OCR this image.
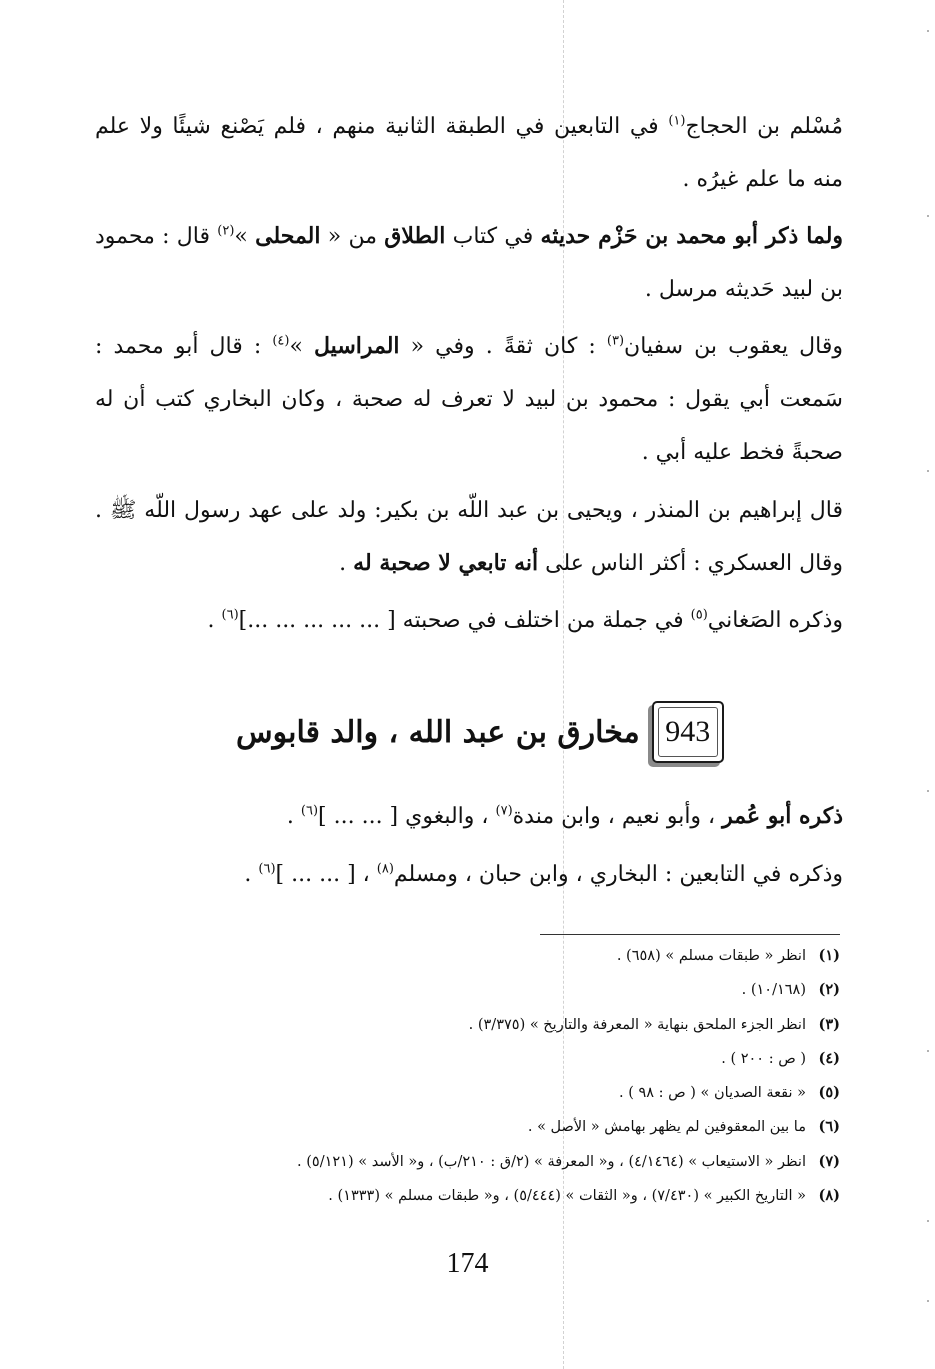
مُسْلم بن الحجاج$^{(١)}$ في التابعين في الطبقة الثانية منهم ، فلم يَصْنع شيئًا ولا علم منه ما علم غيرُه .

ولما ذكر أبو محمد بن حَزْم حديثه في كتاب الطلاق من « المحلى »$^{(٢)}$ قال : محمود بن لبيد حَديثه مرسل .

وقال يعقوب بن سفيان$^{(٣)}$ : كان ثقةً . وفي « المراسيل »$^{(٤)}$ : قال أبو محمد : سَمعت أبي يقول : محمود بن لبيد لا تعرف له صحبة ، وكان البخاري كتب أن له صحبةً فخط عليه أبي .

قال إبراهيم بن المنذر ، ويحيى بن عبد اللّه بن بكير: ولد على عهد رسول اللّه ﷺ . وقال العسكري : أكثر الناس على أنه تابعي لا صحبة له .

وذكره الصَغاني$^{(٥)}$ في جملة من اختلف في صحبته [ ... ... ... ... ...]$^{(٦)}$ .

943
مخارق بن عبد الله ، والد قابوس

ذكره أبو عُمر ، وأبو نعيم ، وابن مندة$^{(٧)}$ ، والبغوي [ ... ... ]$^{(٦)}$ .

وذكره في التابعين : البخاري ، وابن حبان ، ومسلم$^{(٨)}$ ، [ ... ... ]$^{(٦)}$ .

(١)انظر « طبقات مسلم » (٦٥٨) .
(٢)(١٠/١٦٨) .
(٣)انظر الجزء الملحق بنهاية « المعرفة والتاريخ » (٣/٣٧٥) .
(٤)( ص : ٢٠٠ ) .
(٥)« نقعة الصديان » ( ص : ٩٨ ) .
(٦)ما بين المعقوفين لم يظهر بهامش « الأصل » .
(٧)انظر « الاستيعاب » (٤/١٤٦٤) ، و« المعرفة » (٢/ق : ٢١٠/ب) ، و« الأسد » (٥/١٢١) .
(٨)« التاريخ الكبير » (٧/٤٣٠) ، و« الثقات » (٥/٤٤٤) ، و« طبقات مسلم » (١٣٣٣) .
174
